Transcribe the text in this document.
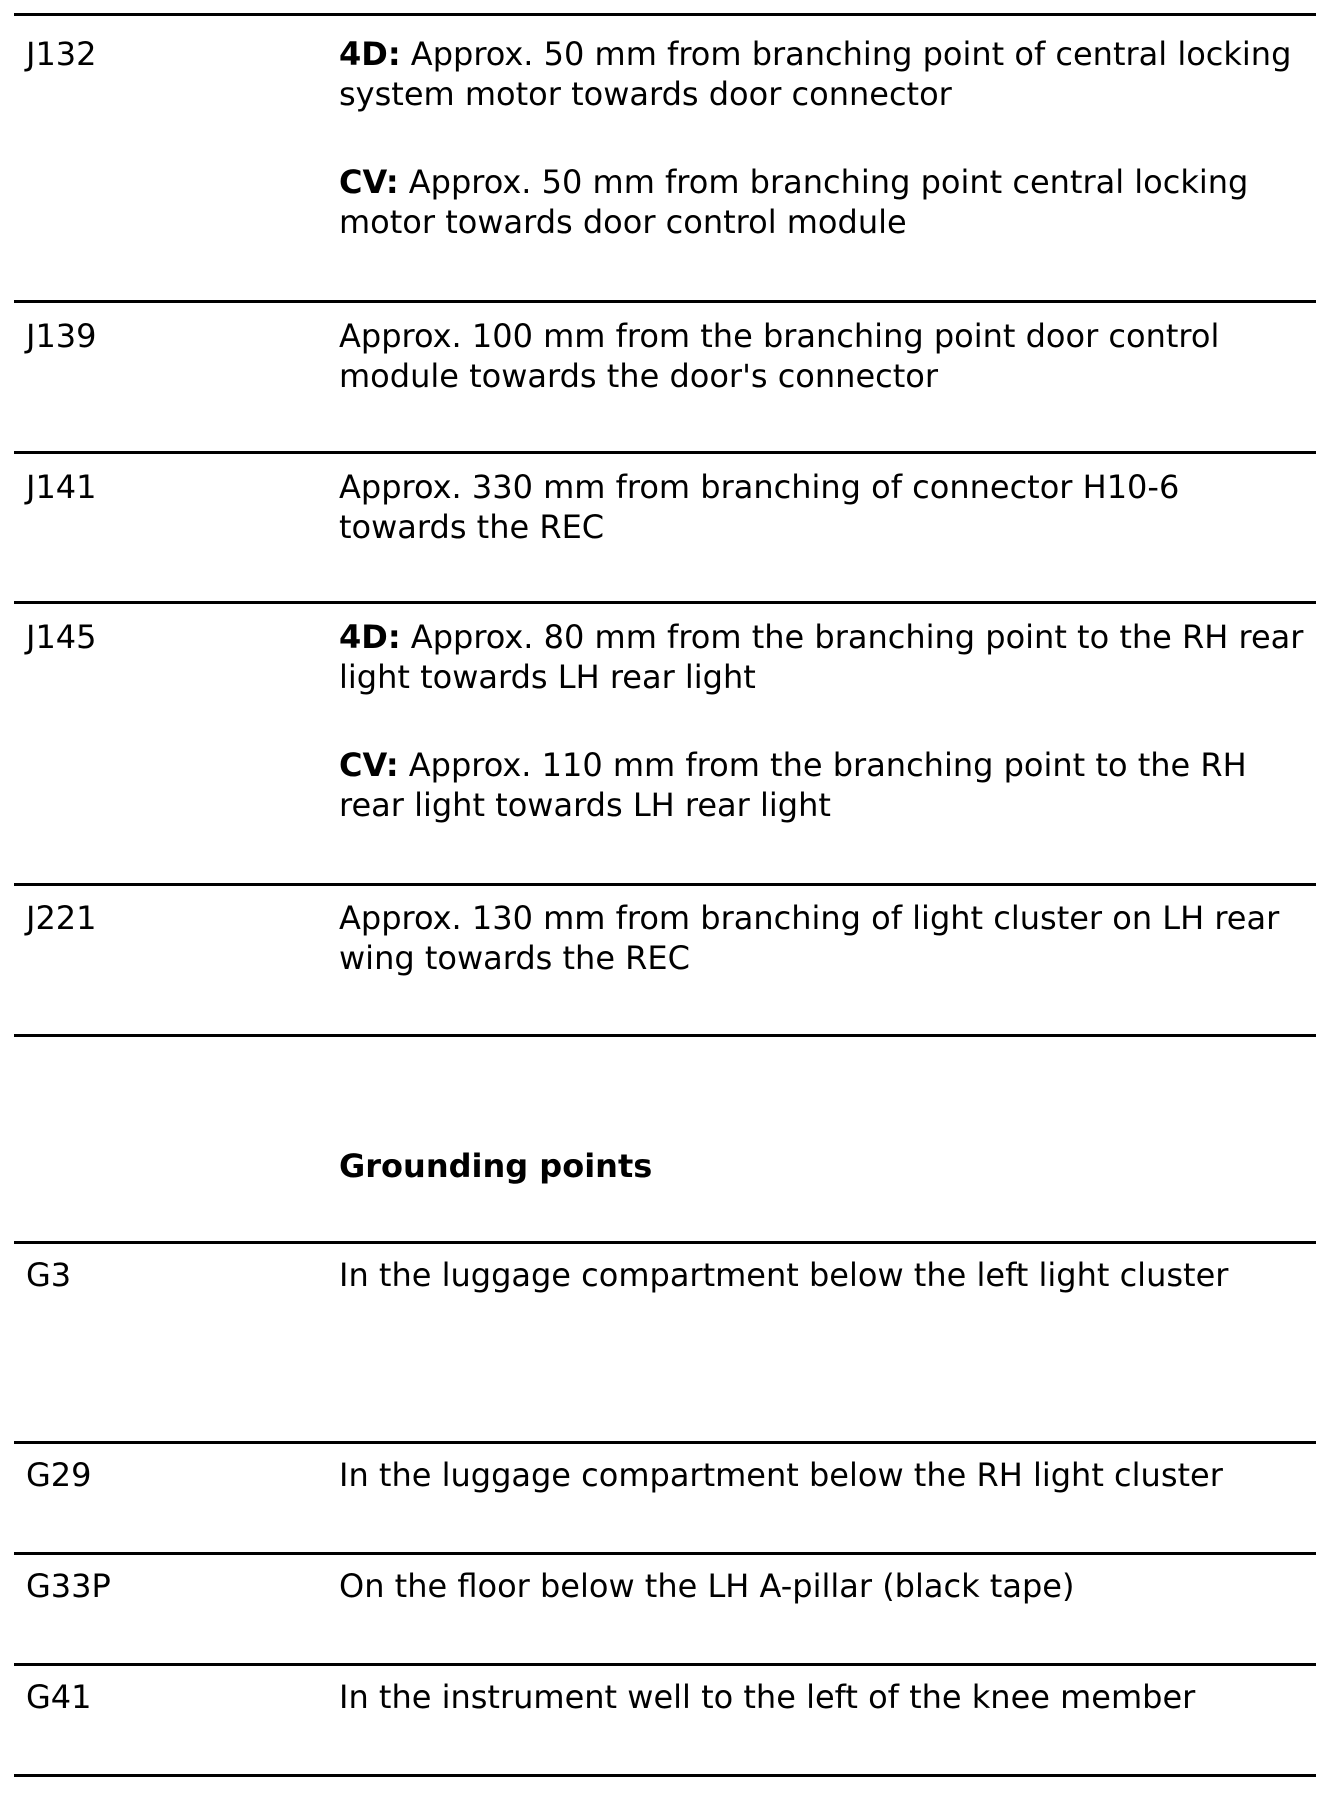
J132	4D: Approx. 50 mm from branching point of central locking system motor towards door connector
CV: Approx. 50 mm from branching point central locking motor towards door control module
J139	Approx. 100 mm from the branching point door control module towards the door's connector
J141	Approx. 330 mm from branching of connector H10-6 towards the REC
J145	4D: Approx. 80 mm from the branching point to the RH rear light towards LH rear light
CV: Approx. 110 mm from the branching point to the RH rear light towards LH rear light
J221	Approx. 130 mm from branching of light cluster on LH rear wing towards the REC
Grounding points
G3	In the luggage compartment below the left light cluster
G29	In the luggage compartment below the RH light cluster
G33P	On the floor below the LH A-pillar (black tape)
G41	In the instrument well to the left of the knee member
